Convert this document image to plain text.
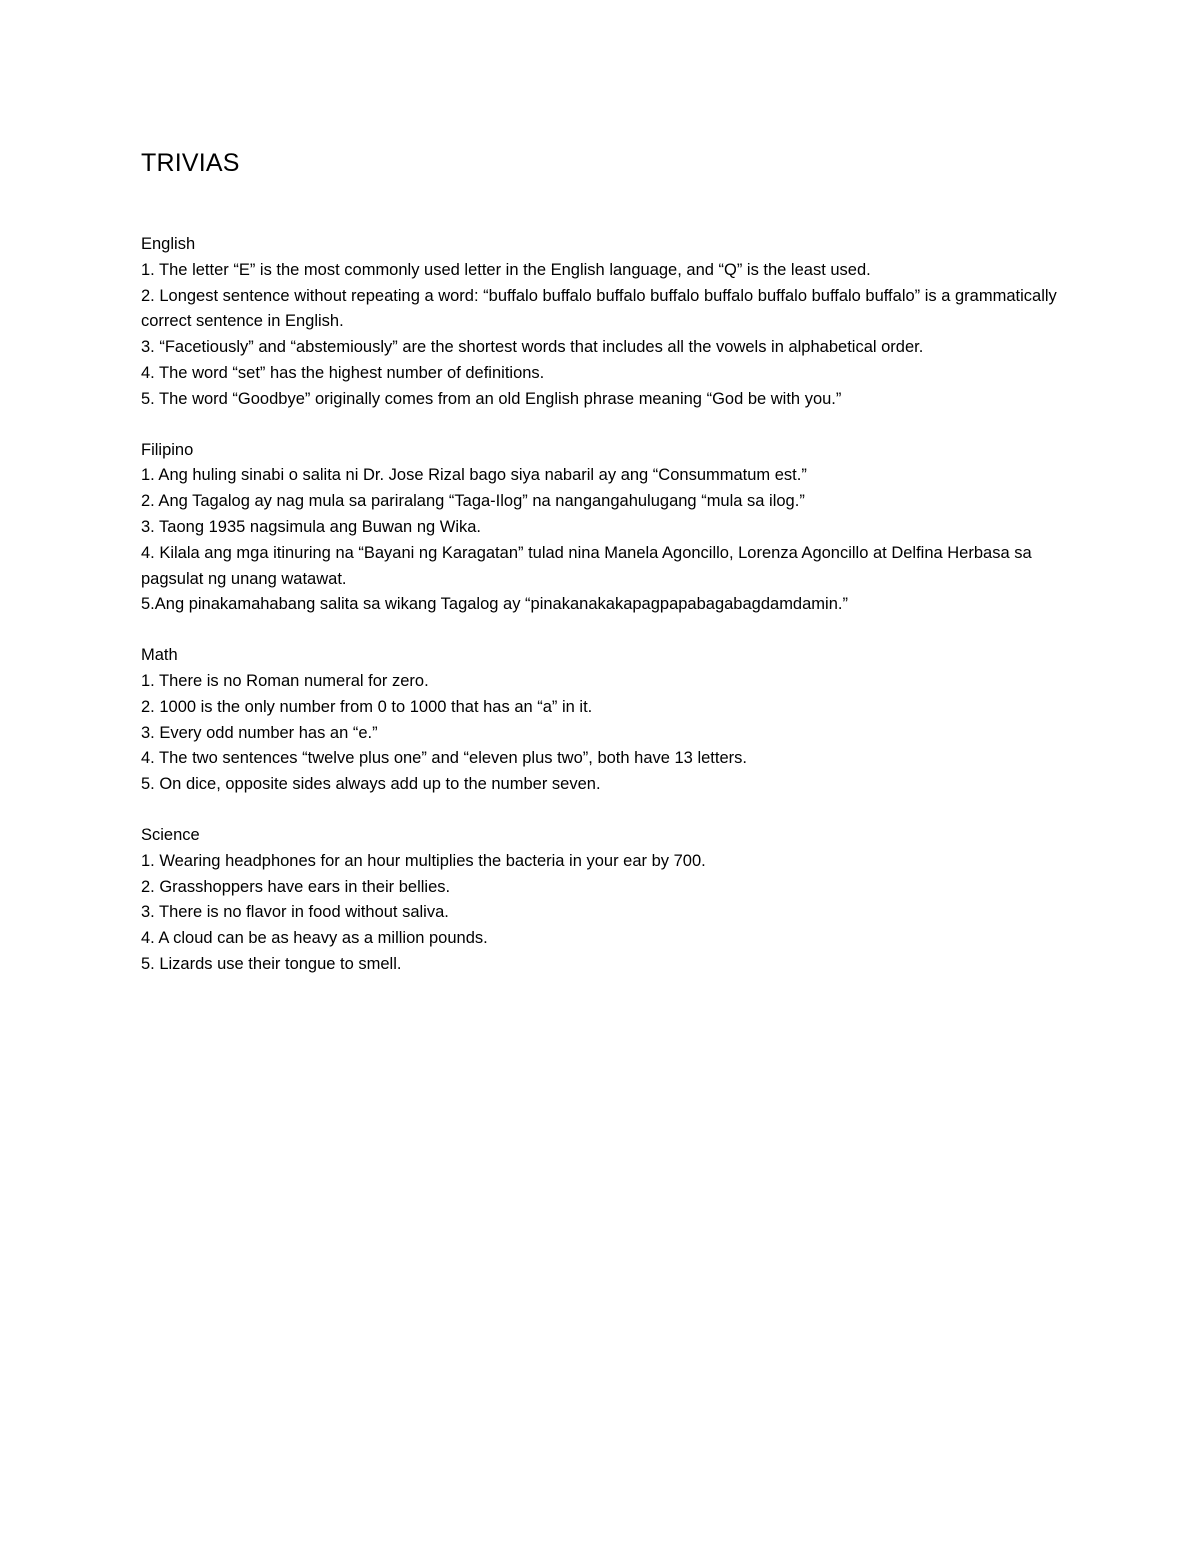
TRIVIAS
English
1. The letter “E” is the most commonly used letter in the English language, and “Q” is the least used.
2. Longest sentence without repeating a word: “buffalo buffalo buffalo buffalo buffalo buffalo buffalo buffalo” is a grammatically correct sentence in English.
3. “Facetiously” and “abstemiously” are the shortest words that includes all the vowels in alphabetical order.
4. The word “set” has the highest number of definitions.
5. The word “Goodbye” originally comes from an old English phrase meaning “God be with you.”
Filipino
1. Ang huling sinabi o salita ni Dr. Jose Rizal bago siya nabaril ay ang “Consummatum est.”
2. Ang Tagalog ay nag mula sa pariralang “Taga-Ilog” na nangangahulugang “mula sa ilog.”
3. Taong 1935 nagsimula ang Buwan ng Wika.
4. Kilala ang mga itinuring na “Bayani ng Karagatan” tulad nina Manela Agoncillo, Lorenza Agoncillo at Delfina Herbasa sa pagsulat ng unang watawat.
5.Ang pinakamahabang salita sa wikang Tagalog ay “pinakanakakapagpapabagabagdamdamin.”
Math
1. There is no Roman numeral for zero.
2. 1000 is the only number from 0 to 1000 that has an “a” in it.
3. Every odd number has an “e.”
4. The two sentences “twelve plus one” and “eleven plus two”, both have 13 letters.
5. On dice, opposite sides always add up to the number seven.
Science
1. Wearing headphones for an hour multiplies the bacteria in your ear by 700.
2. Grasshoppers have ears in their bellies.
3. There is no flavor in food without saliva.
4. A cloud can be as heavy as a million pounds.
5. Lizards use their tongue to smell.
